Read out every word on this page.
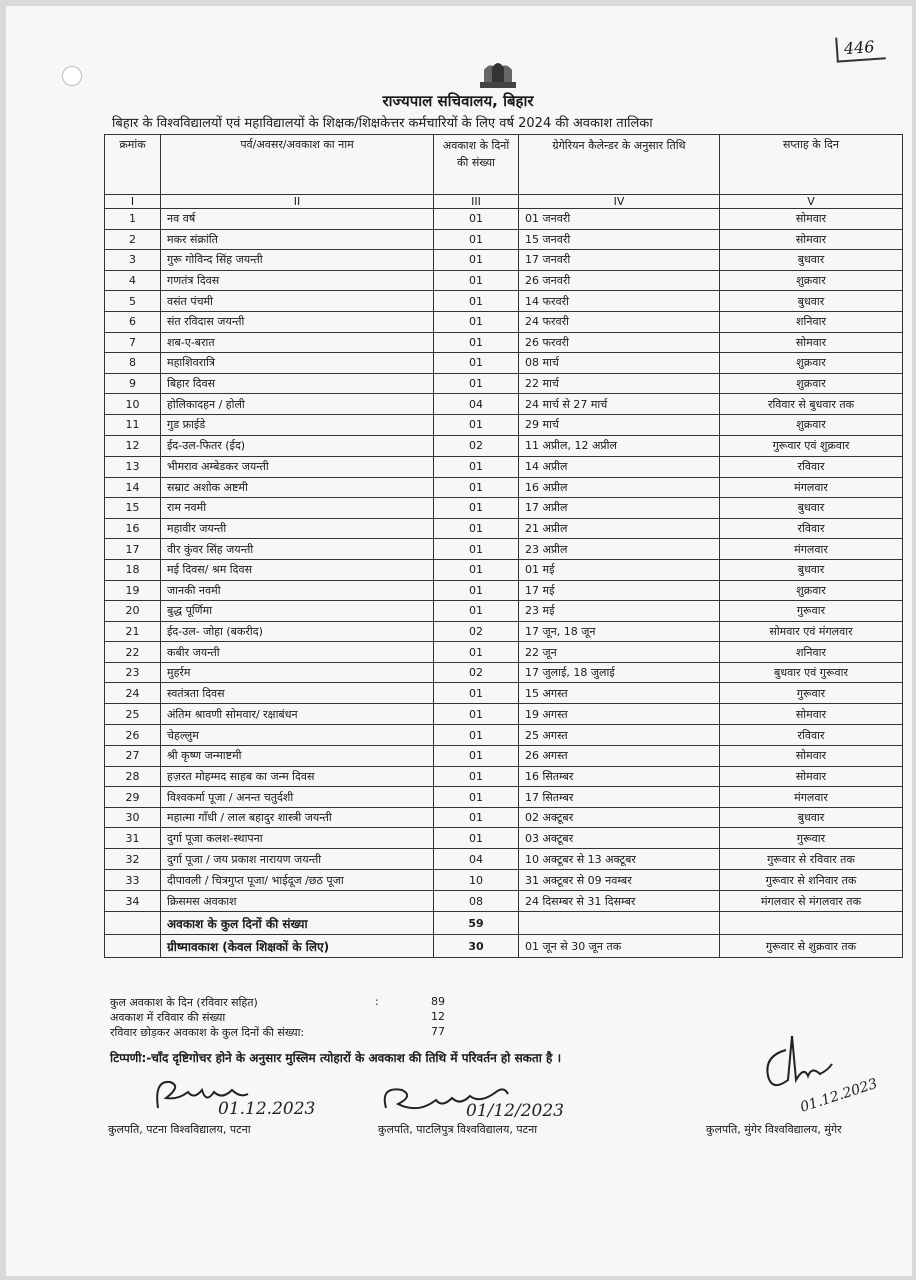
446
राज्यपाल सचिवालय, बिहार
बिहार के विश्वविद्यालयों एवं महाविद्यालयों के शिक्षक/शिक्षकेत्तर कर्मचारियों के लिए वर्ष 2024 की अवकाश तालिका
क्रमांक	पर्व/अवसर/अवकाश का नाम	अवकाश के दिनों की संख्या	ग्रेगेरियन कैलेन्डर के अनुसार तिथि	सप्ताह के दिन
I	II	III	IV	V
1	नव वर्ष	01	01 जनवरी	सोमवार
2	मकर संक्रांति	01	15 जनवरी	सोमवार
3	गुरू गोविन्द सिंह जयन्ती	01	17 जनवरी	बुधवार
4	गणतंत्र दिवस	01	26 जनवरी	शुक्रवार
5	वसंत पंचमी	01	14 फरवरी	बुधवार
6	संत रविदास जयन्ती	01	24 फरवरी	शनिवार
7	शब-ए-बरात	01	26 फरवरी	सोमवार
8	महाशिवरात्रि	01	08 मार्च	शुक्रवार
9	बिहार दिवस	01	22 मार्च	शुक्रवार
10	होलिकादहन / होली	04	24 मार्च से 27 मार्च	रविवार से बुधवार तक
11	गुड फ्राईडे	01	29 मार्च	शुक्रवार
12	ईद-उल-फितर (ईद)	02	11 अप्रील, 12 अप्रील	गुरूवार एवं शुक्रवार
13	भीमराव अम्बेडकर जयन्ती	01	14 अप्रील	रविवार
14	सम्राट अशोक अष्टमी	01	16 अप्रील	मंगलवार
15	राम नवमी	01	17 अप्रील	बुधवार
16	महावीर जयन्ती	01	21 अप्रील	रविवार
17	वीर कुंवर सिंह जयन्ती	01	23 अप्रील	मंगलवार
18	मई दिवस/ श्रम दिवस	01	01 मई	बुधवार
19	जानकी नवमी	01	17 मई	शुक्रवार
20	बुद्ध पूर्णिमा	01	23 मई	गुरूवार
21	ईद-उल- जोहा (बकरीद)	02	17 जून, 18 जून	सोमवार एवं मंगलवार
22	कबीर जयन्ती	01	22 जून	शनिवार
23	मुहर्रम	02	17 जुलाई, 18 जुलाई	बुधवार एवं गुरूवार
24	स्वतंत्रता दिवस	01	15 अगस्त	गुरूवार
25	अंतिम श्रावणी सोमवार/ रक्षाबंधन	01	19 अगस्त	सोमवार
26	चेहल्लुम	01	25 अगस्त	रविवार
27	श्री कृष्ण जन्माष्टमी	01	26 अगस्त	सोमवार
28	हज़रत मोहम्मद साहब का जन्म दिवस	01	16 सितम्बर	सोमवार
29	विश्वकर्मा पूजा / अनन्त चतुर्दशी	01	17 सितम्बर	मंगलवार
30	महात्मा गाँधी / लाल बहादुर शास्त्री जयन्ती	01	02 अक्टूबर	बुधवार
31	दुर्गा पूजा कलश-स्थापना	01	03 अक्टूबर	गुरूवार
32	दुर्गा पूजा / जय प्रकाश नारायण जयन्ती	04	10 अक्टूबर से 13 अक्टूबर	गुरूवार से रविवार तक
33	दीपावली / चित्रगुप्त पूजा/ भाईदूज /छठ पूजा	10	31 अक्टूबर से 09 नवम्बर	गुरूवार से शनिवार तक
34	क्रिसमस अवकाश	08	24 दिसम्बर से 31 दिसम्बर	मंगलवार से मंगलवार तक
	अवकाश के कुल दिनों की संख्या	59		
	ग्रीष्मावकाश (केवल शिक्षकों के लिए)	30	01 जून से 30 जून तक	गुरूवार से शुक्रवार तक
कुल अवकाश के दिन (रविवार सहित)	:	89
अवकाश में रविवार की संख्या	12
रविवार छोड़कर अवकाश के कुल दिनों की संख्या:	77
टिप्पणी:-चाँद दृष्टिगोचर होने के अनुसार मुस्लिम त्योहारों के अवकाश की तिथि में परिवर्तन हो सकता है ।
01.12.2023	01/12/2023	01.12.2023
कुलपति, पटना विश्वविद्यालय, पटना	कुलपति, पाटलिपुत्र विश्वविद्यालय, पटना	कुलपति, मुंगेर विश्वविद्यालय, मुंगेर
